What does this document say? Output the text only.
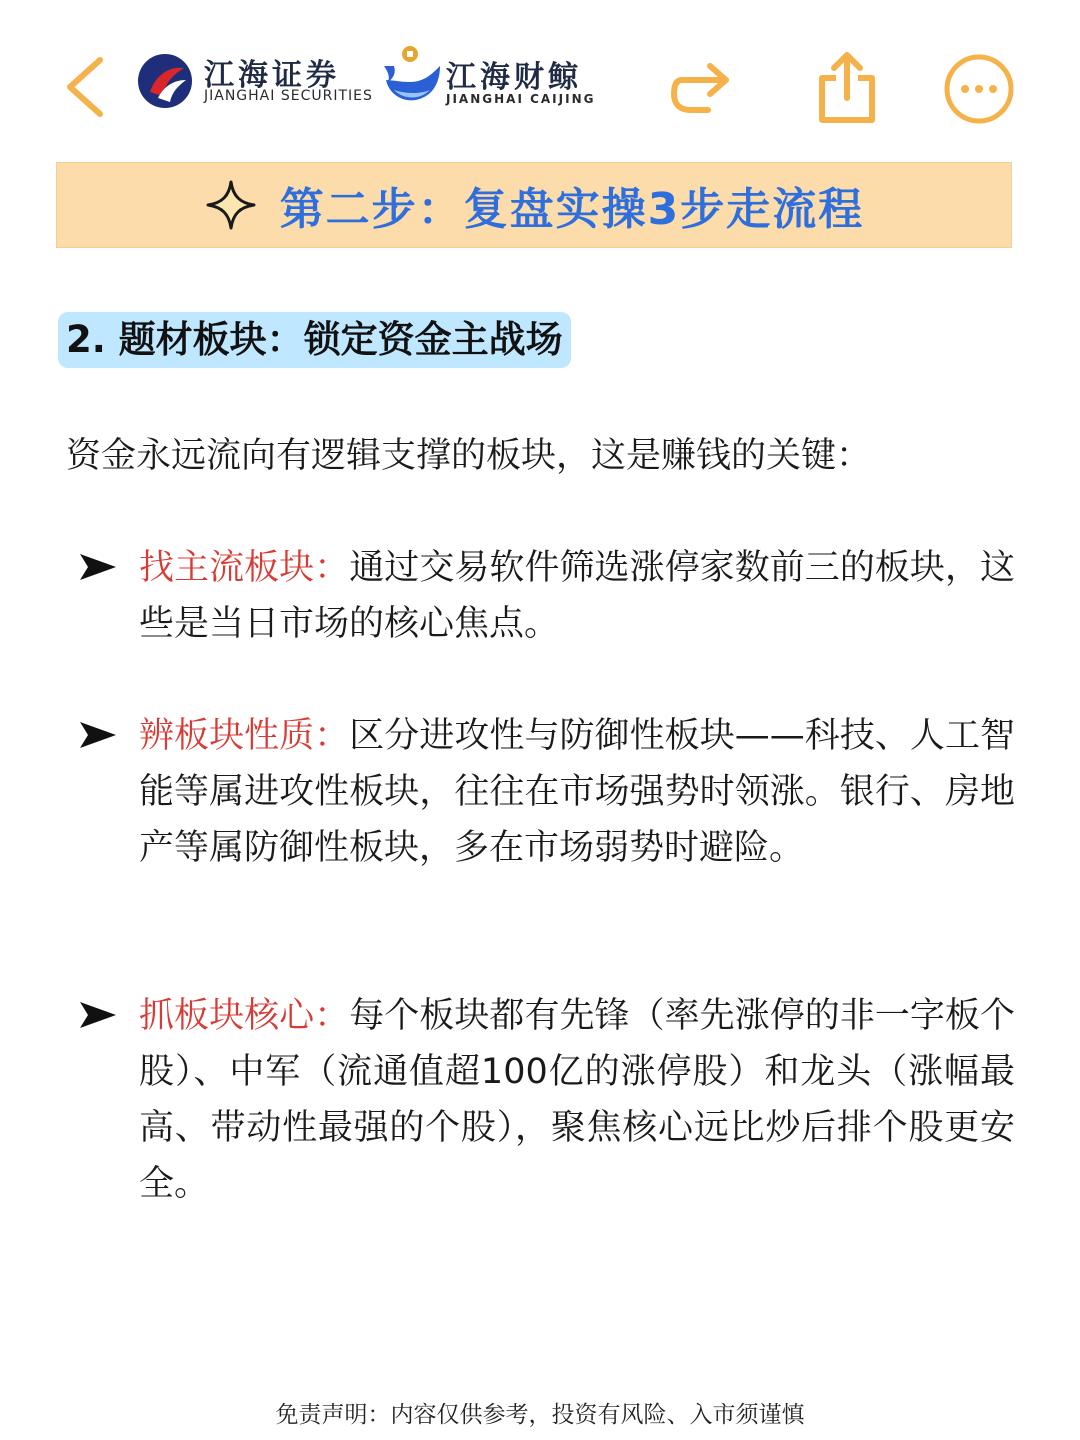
江海证券
JIANGHAI SECURITIES
江海财鲸
JIANGHAI CAIJING
第二步：复盘实操3步走流程
2. 题材板块：锁定资金主战场
资金永远流向有逻辑支撑的板块，这是赚钱的关键：
找主流板块：通过交易软件筛选涨停家数前三的板块，这些是当日市场的核心焦点。
辨板块性质：区分进攻性与防御性板块——科技、人工智能等属进攻性板块，往往在市场强势时领涨。银行、房地产等属防御性板块，多在市场弱势时避险。
抓板块核心：每个板块都有先锋（率先涨停的非一字板个股）、中军（流通值超100亿的涨停股）和龙头（涨幅最高、带动性最强的个股），聚焦核心远比炒后排个股更安全。
免责声明：内容仅供参考，投资有风险、入市须谨慎
